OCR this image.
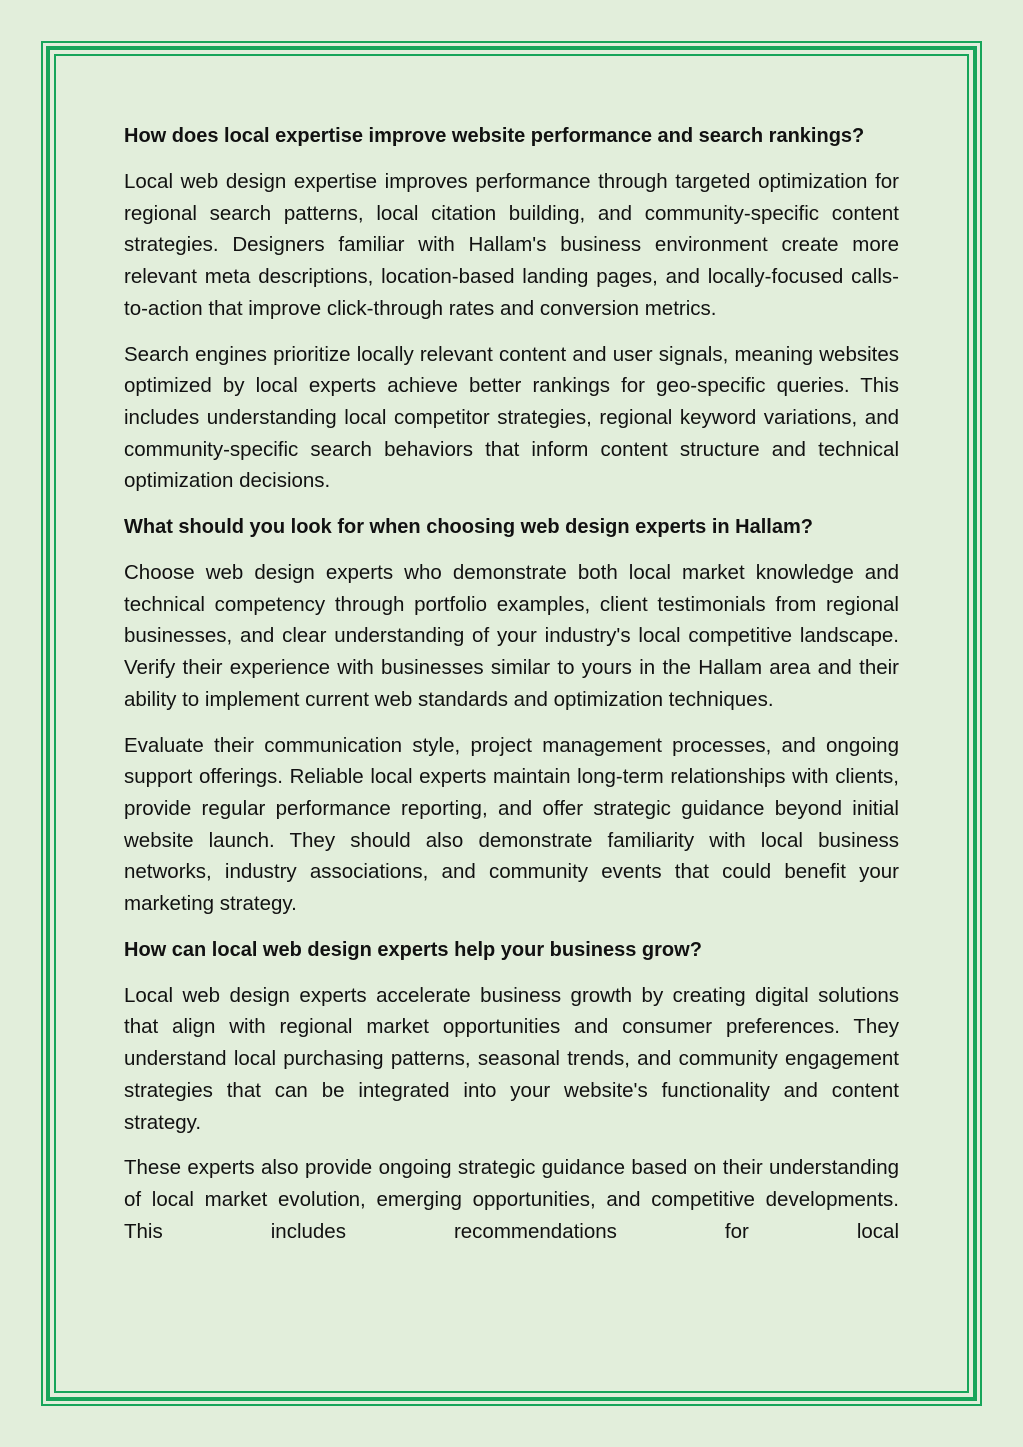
How does local expertise improve website performance and search rankings?

Local web design expertise improves performance through targeted optimization for regional search patterns, local citation building, and community-specific content strategies. Designers familiar with Hallam's business environment create more relevant meta descriptions, location-based landing pages, and locally-focused calls-to-action that improve click-through rates and conversion metrics.

Search engines prioritize locally relevant content and user signals, meaning websites optimized by local experts achieve better rankings for geo-specific queries. This includes understanding local competitor strategies, regional keyword variations, and community-specific search behaviors that inform content structure and technical optimization decisions.

What should you look for when choosing web design experts in Hallam?

Choose web design experts who demonstrate both local market knowledge and technical competency through portfolio examples, client testimonials from regional businesses, and clear understanding of your industry's local competitive landscape. Verify their experience with businesses similar to yours in the Hallam area and their ability to implement current web standards and optimization techniques.

Evaluate their communication style, project management processes, and ongoing support offerings. Reliable local experts maintain long-term relationships with clients, provide regular performance reporting, and offer strategic guidance beyond initial website launch. They should also demonstrate familiarity with local business networks, industry associations, and community events that could benefit your marketing strategy.

How can local web design experts help your business grow?

Local web design experts accelerate business growth by creating digital solutions that align with regional market opportunities and consumer preferences. They understand local purchasing patterns, seasonal trends, and community engagement strategies that can be integrated into your website's functionality and content strategy.

These experts also provide ongoing strategic guidance based on their understanding of local market evolution, emerging opportunities, and competitive developments. This includes recommendations for local
